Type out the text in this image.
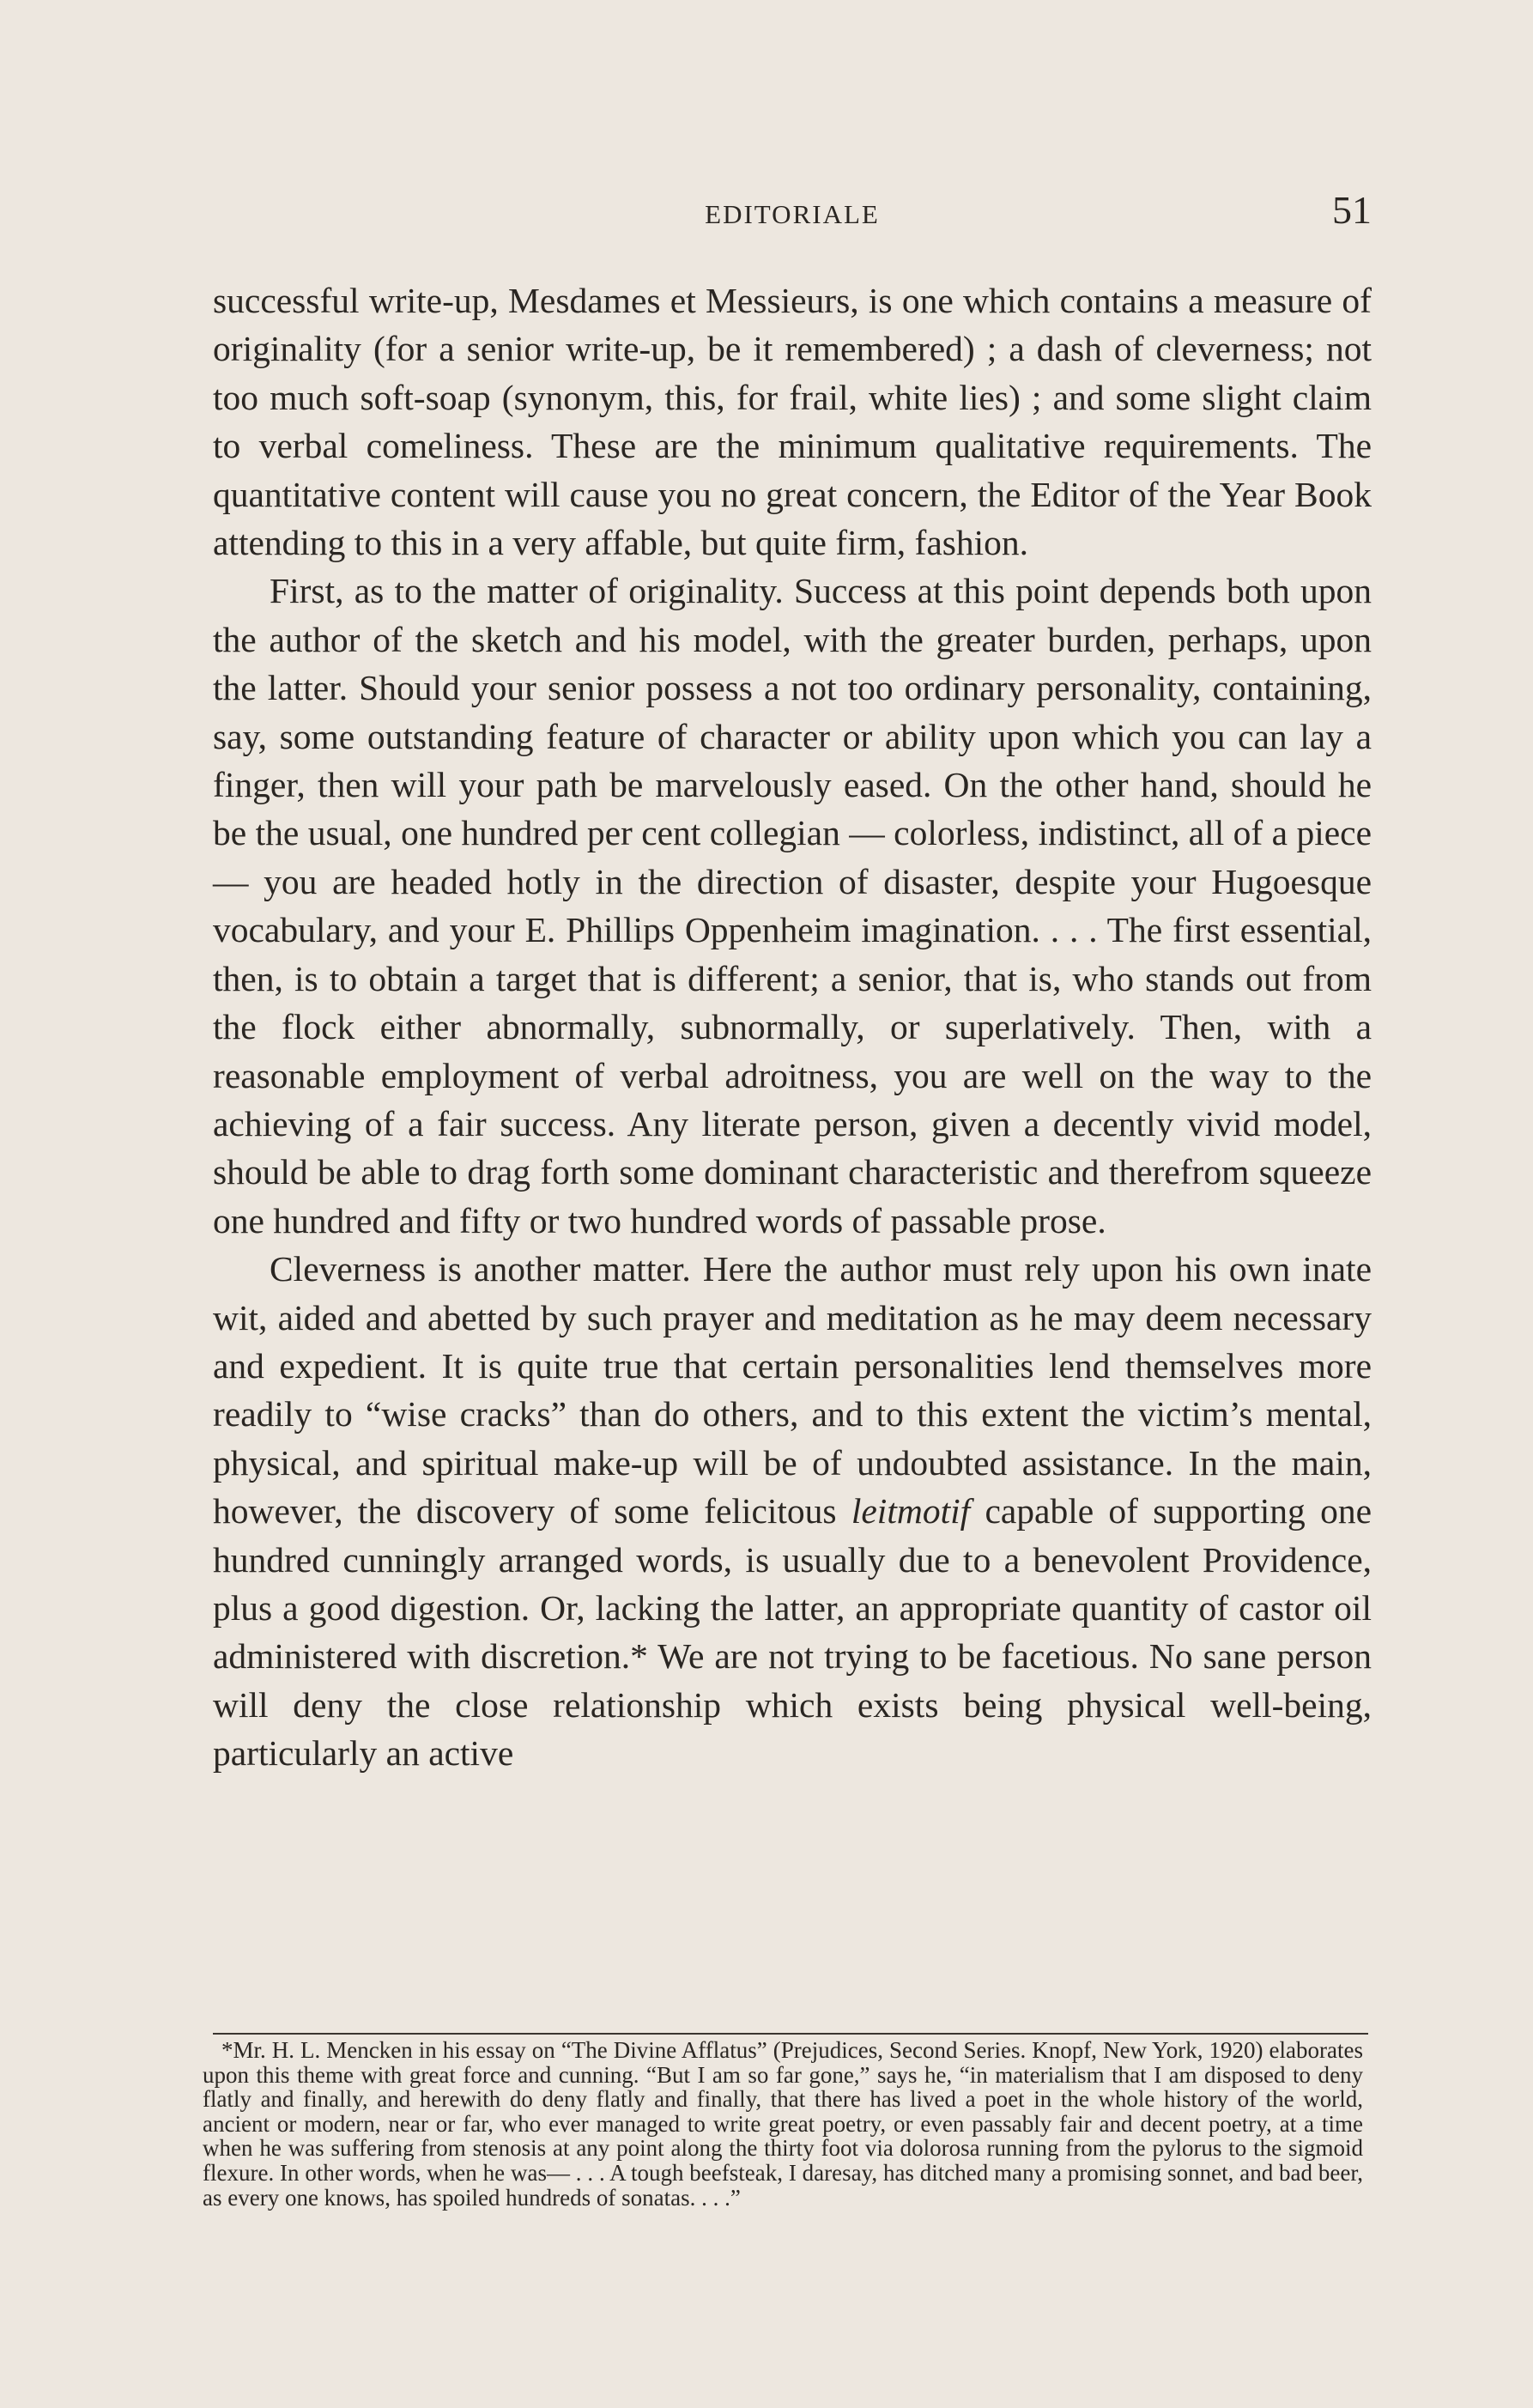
EDITORIALE	51

successful write-up, Mesdames et Messieurs, is one which contains a measure of originality (for a senior write-up, be it remembered) ; a dash of cleverness; not too much soft-soap (synonym, this, for frail, white lies) ; and some slight claim to verbal comeliness. These are the minimum qualitative requirements. The quantitative content will cause you no great concern, the Editor of the Year Book attending to this in a very affable, but quite firm, fashion.

First, as to the matter of originality. Success at this point depends both upon the author of the sketch and his model, with the greater burden, perhaps, upon the latter. Should your senior possess a not too ordinary personality, containing, say, some outstanding feature of character or ability upon which you can lay a finger, then will your path be marvelously eased. On the other hand, should he be the usual, one hundred per cent collegian — colorless, indistinct, all of a piece — you are headed hotly in the direction of disaster, despite your Hugoesque vocabulary, and your E. Phillips Oppenheim imagination. . . . The first essential, then, is to obtain a target that is different; a senior, that is, who stands out from the flock either abnormally, subnormally, or superlatively. Then, with a reasonable employment of verbal adroitness, you are well on the way to the achieving of a fair success. Any literate person, given a decently vivid model, should be able to drag forth some dominant characteristic and therefrom squeeze one hundred and fifty or two hundred words of passable prose.

Cleverness is another matter. Here the author must rely upon his own inate wit, aided and abetted by such prayer and meditation as he may deem necessary and expedient. It is quite true that certain personalities lend themselves more readily to “wise cracks” than do others, and to this extent the victim’s mental, physical, and spiritual make-up will be of undoubted assistance. In the main, however, the discovery of some felicitous leitmotif capable of supporting one hundred cunningly arranged words, is usually due to a benevolent Providence, plus a good digestion. Or, lacking the latter, an appropriate quantity of castor oil administered with discretion.* We are not trying to be facetious. No sane person will deny the close relationship which exists being physical well-being, particularly an active

*Mr. H. L. Mencken in his essay on “The Divine Afflatus” (Prejudices, Second Series. Knopf, New York, 1920) elaborates upon this theme with great force and cunning. “But I am so far gone,” says he, “in materialism that I am disposed to deny flatly and finally, and herewith do deny flatly and finally, that there has lived a poet in the whole history of the world, ancient or modern, near or far, who ever managed to write great poetry, or even passably fair and decent poetry, at a time when he was suffering from stenosis at any point along the thirty foot via dolorosa running from the pylorus to the sigmoid flexure. In other words, when he was— . . . A tough beefsteak, I daresay, has ditched many a promising sonnet, and bad beer, as every one knows, has spoiled hundreds of sonatas. . . .”
